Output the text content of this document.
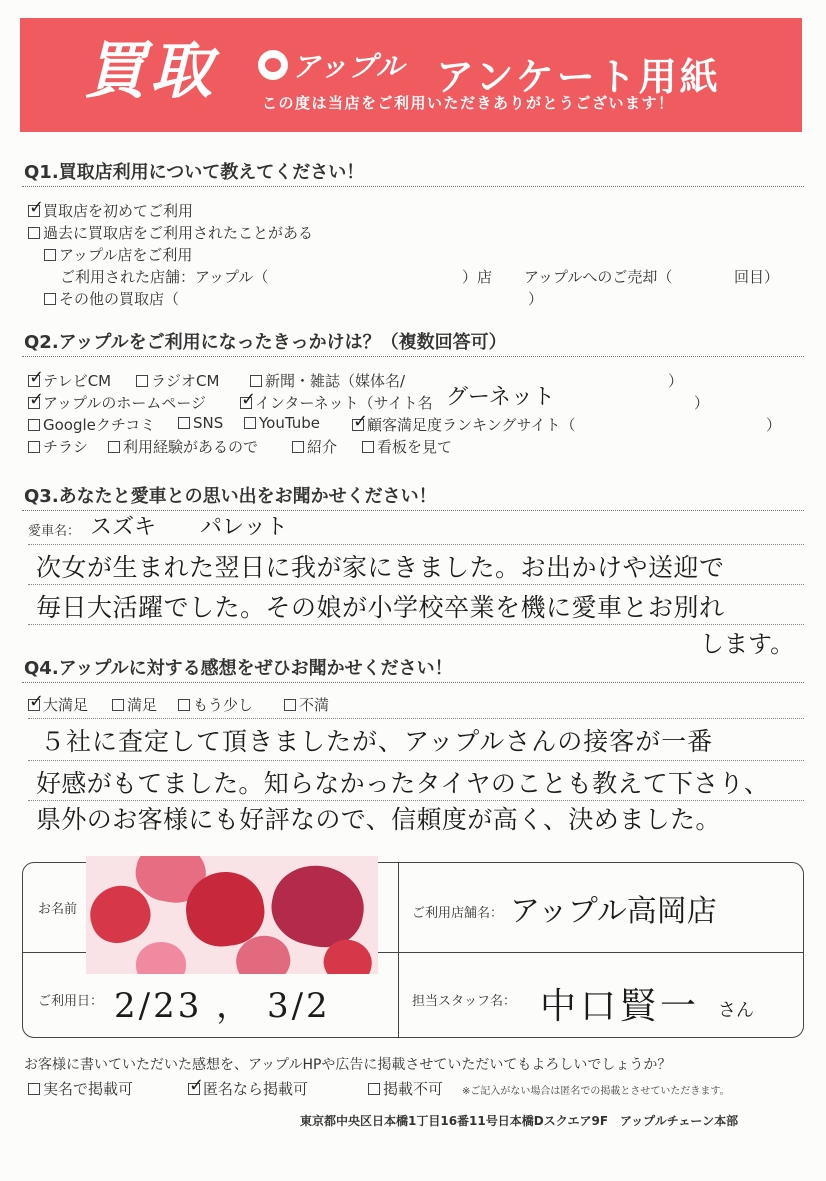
買取	アップル アンケート用紙
この度は当店をご利用いただきありがとうございます！
Q1.買取店利用について教えてください！
✓買取店を初めてご利用
過去に買取店をご利用されたことがある
アップル店をご利用
ご利用された店舗：アップル（	）店 アップルへのご売却（	回目）
その他の買取店（	）
Q2.アップルをご利用になったきっかけは？（複数回答可）
✓テレビCM	ラジオCM	新聞・雑誌（媒体名/	）
✓アップルのホームページ ✓	インターネット（サイト名 グーネット	）
Googleクチコミ	SNS	YouTube ✓	顧客満足度ランキングサイト（	）
チラシ	利用経験があるので	紹介	看板を見て
Q3.あなたと愛車との思い出をお聞かせください！
愛車名： スズキ　　パレット
次女が生まれた翌日に我が家にきました。お出かけや送迎で
毎日大活躍でした。その娘が小学校卒業を機に愛車とお別れ
します。
Q4.アップルに対する感想をぜひお聞かせください！
✓大満足	満足	もう少し	不満
５社に査定して頂きましたが、アップルさんの接客が一番
好感がもてました。知らなかったタイヤのことも教えて下さり、
県外のお客様にも好評なので、信頼度が高く、決めました。
お名前	ご利用店舗名： アップル高岡店
ご利用日： 2/23 ， 3/2	担当スタッフ名： 中口賢一 さん
お客様に書いていただいた感想を、アップルHPや広告に掲載させていただいてもよろしいでしょうか？
実名で掲載可 ✓	匿名なら掲載可	掲載不可 ※ご記入がない場合は匿名での掲載とさせていただきます。
東京都中央区日本橋1丁目16番11号日本橋Dスクエア9F　アップルチェーン本部
